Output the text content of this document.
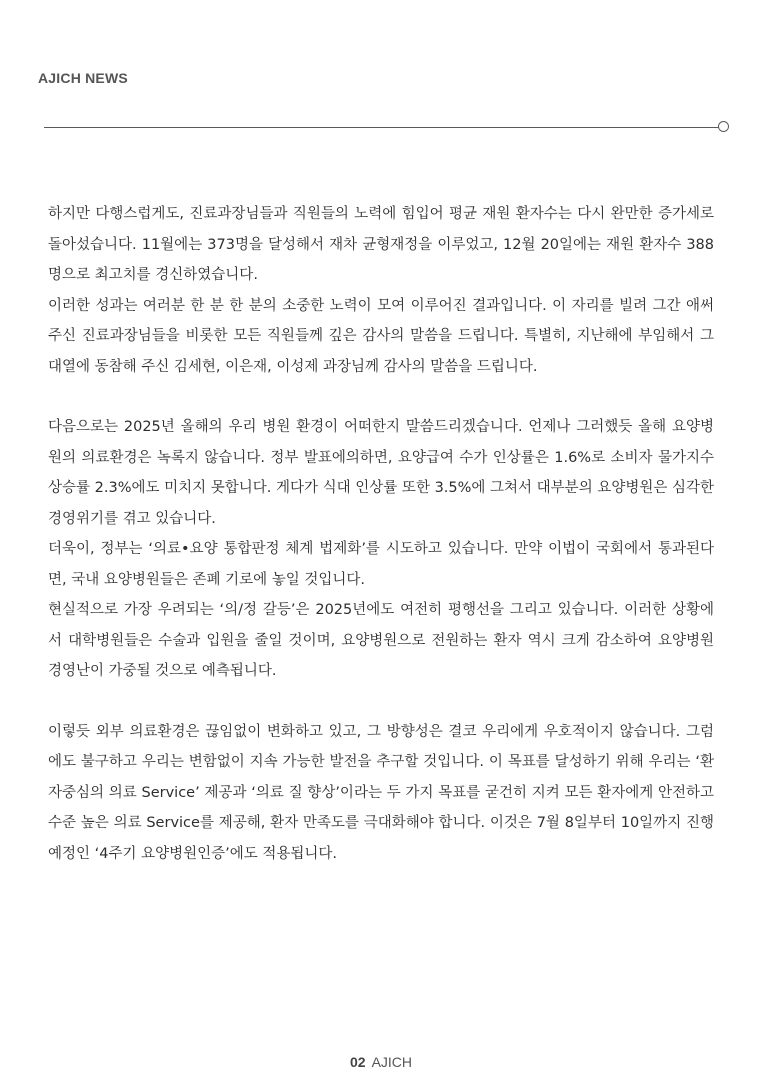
AJICH NEWS

하지만 다행스럽게도, 진료과장님들과 직원들의 노력에 힘입어 평균 재원 환자수는 다시 완만한 증가세로 돌아섰습니다. 11월에는 373명을 달성해서 재차 균형재정을 이루었고, 12월 20일에는 재원 환자수 388명으로 최고치를 경신하였습니다.

이러한 성과는 여러분 한 분 한 분의 소중한 노력이 모여 이루어진 결과입니다. 이 자리를 빌려 그간 애써주신 진료과장님들을 비롯한 모든 직원들께 깊은 감사의 말씀을 드립니다. 특별히, 지난해에 부임해서 그 대열에 동참해 주신 김세현, 이은재, 이성제 과장님께 감사의 말씀을 드립니다.

다음으로는 2025년 올해의 우리 병원 환경이 어떠한지 말씀드리겠습니다. 언제나 그러했듯 올해 요양병원의 의료환경은 녹록지 않습니다. 정부 발표에의하면, 요양급여 수가 인상률은 1.6%로 소비자 물가지수 상승률 2.3%에도 미치지 못합니다. 게다가 식대 인상률 또한 3.5%에 그쳐서 대부분의 요양병원은 심각한 경영위기를 겪고 있습니다.

더욱이, 정부는 ‘의료•요양 통합판정 체계 법제화’를 시도하고 있습니다. 만약 이법이 국회에서 통과된다면, 국내 요양병원들은 존폐 기로에 놓일 것입니다.

현실적으로 가장 우려되는 ‘의/정 갈등’은 2025년에도 여전히 평행선을 그리고 있습니다. 이러한 상황에서 대학병원들은 수술과 입원을 줄일 것이며, 요양병원으로 전원하는 환자 역시 크게 감소하여 요양병원 경영난이 가중될 것으로 예측됩니다.

이렇듯 외부 의료환경은 끊임없이 변화하고 있고, 그 방향성은 결코 우리에게 우호적이지 않습니다. 그럼에도 불구하고 우리는 변함없이 지속 가능한 발전을 추구할 것입니다. 이 목표를 달성하기 위해 우리는 ‘환자중심의 의료 Service’ 제공과 ‘의료 질 향상’이라는 두 가지 목표를 굳건히 지켜 모든 환자에게 안전하고 수준 높은 의료 Service를 제공해, 환자 만족도를 극대화해야 합니다. 이것은 7월 8일부터 10일까지 진행 예정인 ‘4주기 요양병원인증’에도 적용됩니다.

02 AJICH
